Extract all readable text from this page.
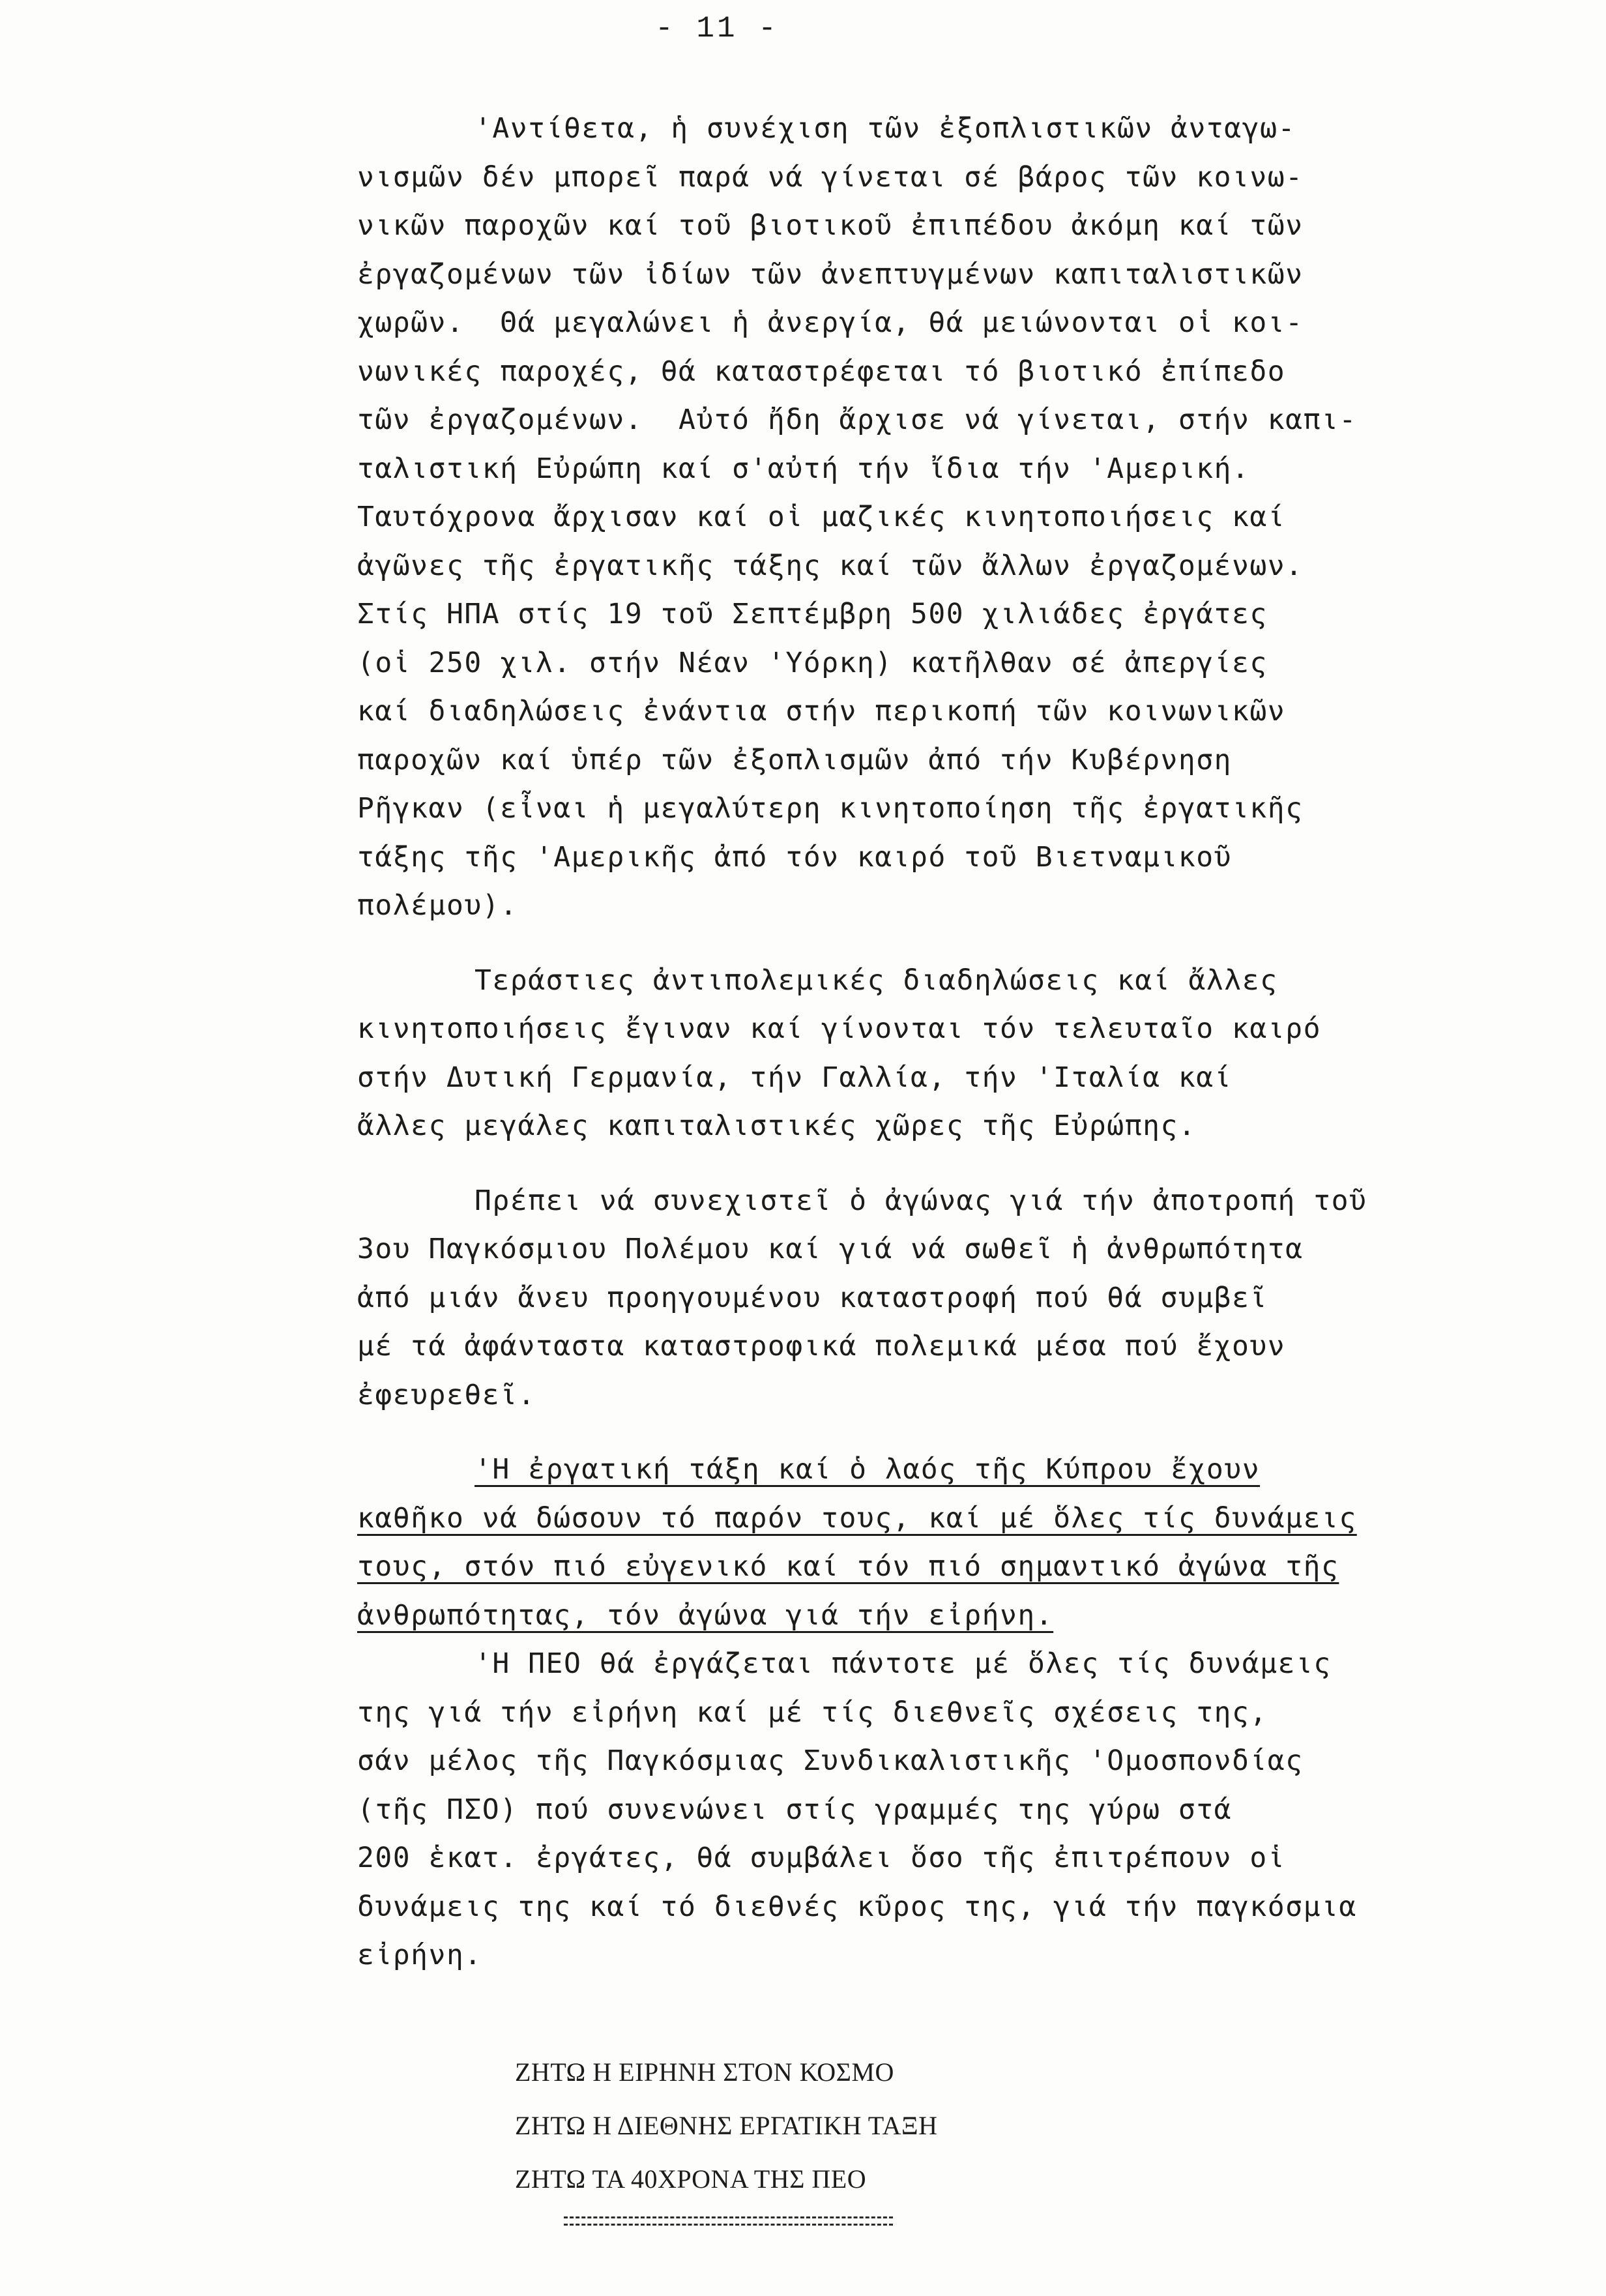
- 11 -
'Αντίθετα, ἡ συνέχιση τῶν ἐξοπλιστικῶν ἀνταγω-
νισμῶν δέν μπορεῖ παρά νά γίνεται σέ βάρος τῶν κοινω-
νικῶν παροχῶν καί τοῦ βιοτικοῦ ἐπιπέδου ἀκόμη καί τῶν
ἐργαζομένων τῶν ἰδίων τῶν ἀνεπτυγμένων καπιταλιστικῶν
χωρῶν.  Θά μεγαλώνει ἡ ἀνεργία, θά μειώνονται οἱ κοι-
νωνικές παροχές, θά καταστρέφεται τό βιοτικό ἐπίπεδο
τῶν ἐργαζομένων.  Αὐτό ἤδη ἄρχισε νά γίνεται, στήν καπι-
ταλιστική Εὐρώπη καί σ'αὐτή τήν ἴδια τήν 'Αμερική.
Ταυτόχρονα ἄρχισαν καί οἱ μαζικές κινητοποιήσεις καί
ἀγῶνες τῆς ἐργατικῆς τάξης καί τῶν ἄλλων ἐργαζομένων.
Στίς ΗΠΑ στίς 19 τοῦ Σεπτέμβρη 500 χιλιάδες ἐργάτες
(οἱ 250 χιλ. στήν Νέαν 'Υόρκη) κατῆλθαν σέ ἀπεργίες
καί διαδηλώσεις ἐνάντια στήν περικοπή τῶν κοινωνικῶν
παροχῶν καί ὑπέρ τῶν ἐξοπλισμῶν ἀπό τήν Κυβέρνηση
Ρῆγκαν (εἶναι ἡ μεγαλύτερη κινητοποίηση τῆς ἐργατικῆς
τάξης τῆς 'Αμερικῆς ἀπό τόν καιρό τοῦ Βιετναμικοῦ
πολέμου).
Τεράστιες ἀντιπολεμικές διαδηλώσεις καί ἄλλες
κινητοποιήσεις ἔγιναν καί γίνονται τόν τελευταῖο καιρό
στήν Δυτική Γερμανία, τήν Γαλλία, τήν 'Ιταλία καί
ἄλλες μεγάλες καπιταλιστικές χῶρες τῆς Εὐρώπης.
Πρέπει νά συνεχιστεῖ ὁ ἀγώνας γιά τήν ἀποτροπή τοῦ
3ου Παγκόσμιου Πολέμου καί γιά νά σωθεῖ ἡ ἀνθρωπότητα
ἀπό μιάν ἄνευ προηγουμένου καταστροφή πού θά συμβεῖ
μέ τά ἀφάνταστα καταστροφικά πολεμικά μέσα πού ἔχουν
ἐφευρεθεῖ.
'Η ἐργατική τάξη καί ὁ λαός τῆς Κύπρου ἔχουν
καθῆκο νά δώσουν τό παρόν τους, καί μέ ὅλες τίς δυνάμεις
τους, στόν πιό εὐγενικό καί τόν πιό σημαντικό ἀγώνα τῆς
ἀνθρωπότητας, τόν ἀγώνα γιά τήν εἰρήνη.
'Η ΠΕΟ θά ἐργάζεται πάντοτε μέ ὅλες τίς δυνάμεις
της γιά τήν εἰρήνη καί μέ τίς διεθνεῖς σχέσεις της,
σάν μέλος τῆς Παγκόσμιας Συνδικαλιστικῆς 'Ομοσπονδίας
(τῆς ΠΣΟ) πού συνενώνει στίς γραμμές της γύρω στά
200 ἑκατ. ἐργάτες, θά συμβάλει ὅσο τῆς ἐπιτρέπουν οἱ
δυνάμεις της καί τό διεθνές κῦρος της, γιά τήν παγκόσμια
εἰρήνη.
ΖΗΤΩ Η ΕΙΡΗΝΗ ΣΤΟΝ ΚΟΣΜΟ
ΖΗΤΩ Η ΔΙΕΘΝΗΣ ΕΡΓΑΤΙΚΗ ΤΑΞΗ
ΖΗΤΩ ΤΑ 40ΧΡΟΝΑ ΤΗΣ ΠΕΟ
